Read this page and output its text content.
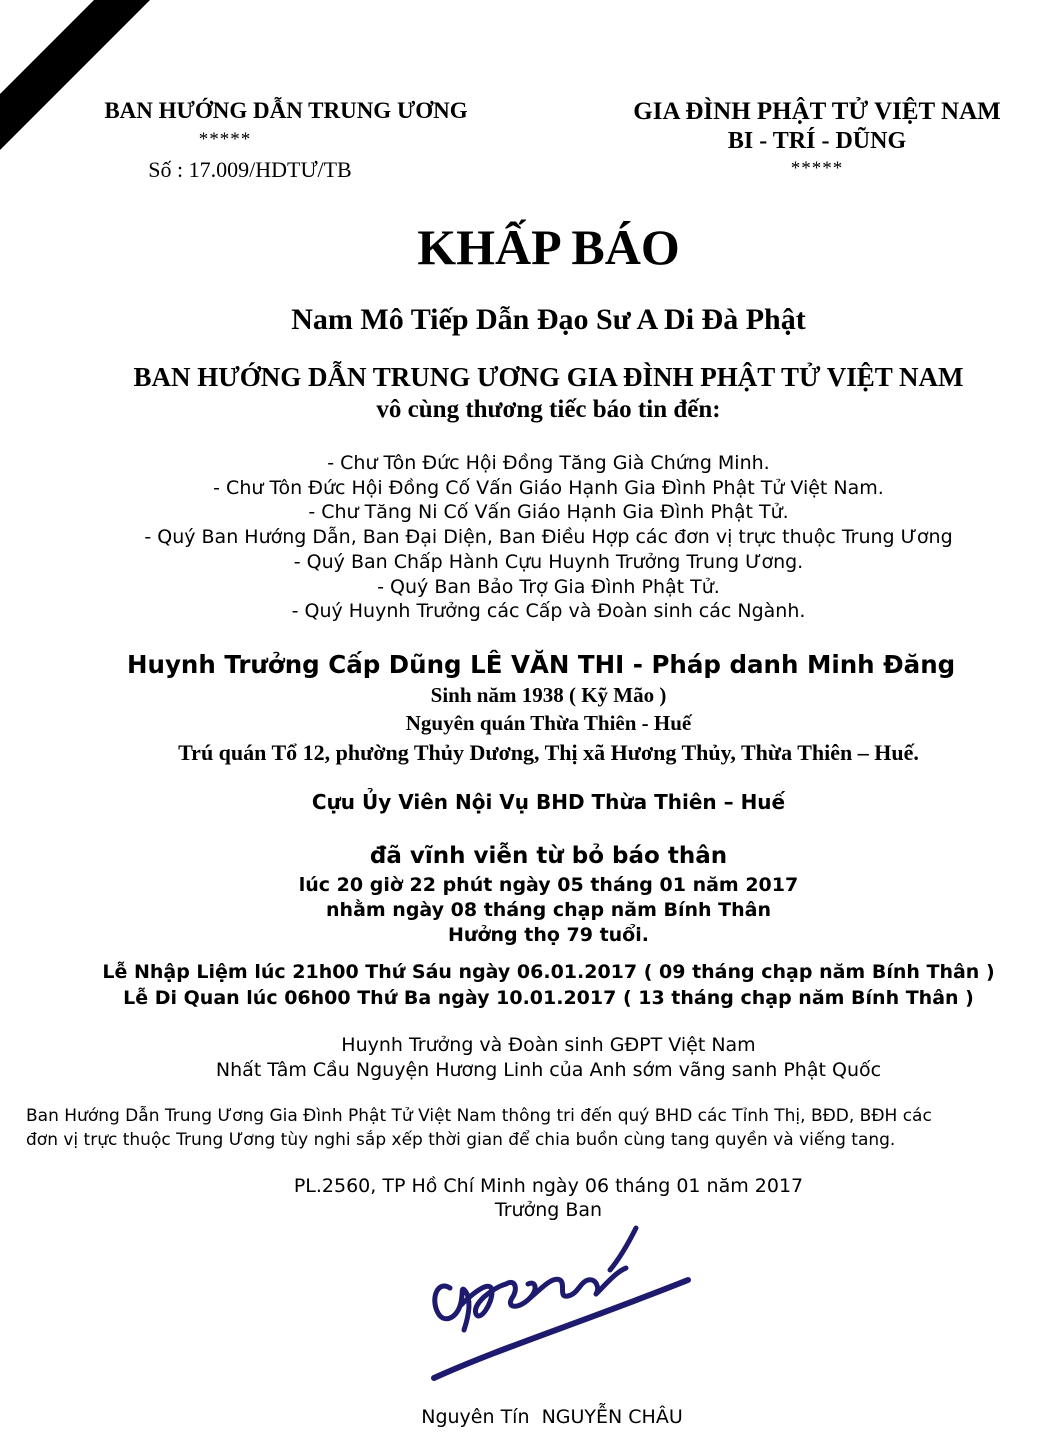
BAN HƯỚNG DẪN TRUNG ƯƠNG
*****
Số : 17.009/HDTƯ/TB
GIA ĐÌNH PHẬT TỬ VIỆT NAM
BI - TRÍ - DŨNG
*****
KHẤP BÁO
Nam Mô Tiếp Dẫn Đạo Sư A Di Đà Phật
BAN HƯỚNG DẪN TRUNG ƯƠNG GIA ĐÌNH PHẬT TỬ VIỆT NAM
vô cùng thương tiếc báo tin đến:
- Chư Tôn Đức Hội Đồng Tăng Già Chứng Minh.
- Chư Tôn Đức Hội Đồng Cố Vấn Giáo Hạnh Gia Đình Phật Tử Việt Nam.
- Chư Tăng Ni Cố Vấn Giáo Hạnh Gia Đình Phật Tử.
- Quý Ban Hướng Dẫn, Ban Đại Diện, Ban Điều Hợp các đơn vị trực thuộc Trung Ương
- Quý Ban Chấp Hành Cựu Huynh Trưởng Trung Ương.
- Quý Ban Bảo Trợ Gia Đình Phật Tử.
- Quý Huynh Trưởng các Cấp và Đoàn sinh các Ngành.
Huynh Trưởng Cấp Dũng LÊ VĂN THI - Pháp danh Minh Đăng
Sinh năm 1938 ( Kỹ Mão )
Nguyên quán Thừa Thiên - Huế
Trú quán Tổ 12, phường Thủy Dương, Thị xã Hương Thủy, Thừa Thiên – Huế.
Cựu Ủy Viên Nội Vụ BHD Thừa Thiên – Huế
đã vĩnh viễn từ bỏ báo thân
lúc 20 giờ 22 phút ngày 05 tháng 01 năm 2017
nhằm ngày 08 tháng chạp năm Bính Thân
Hưởng thọ 79 tuổi.
Lễ Nhập Liệm lúc 21h00 Thứ Sáu ngày 06.01.2017 ( 09 tháng chạp năm Bính Thân )
Lễ Di Quan lúc 06h00 Thứ Ba ngày 10.01.2017 ( 13 tháng chạp năm Bính Thân )
Huynh Trưởng và Đoàn sinh GĐPT Việt Nam
Nhất Tâm Cầu Nguyện Hương Linh của Anh sớm vãng sanh Phật Quốc
Ban Hướng Dẫn Trung Ương Gia Đình Phật Tử Việt Nam thông tri đến quý BHD các Tỉnh Thị, BĐD, BĐH các
đơn vị trực thuộc Trung Ương tùy nghi sắp xếp thời gian để chia buồn cùng tang quyền và viếng tang.
PL.2560, TP Hồ Chí Minh ngày 06 tháng 01 năm 2017
Trưởng Ban
Nguyên Tín  NGUYỄN CHÂU
